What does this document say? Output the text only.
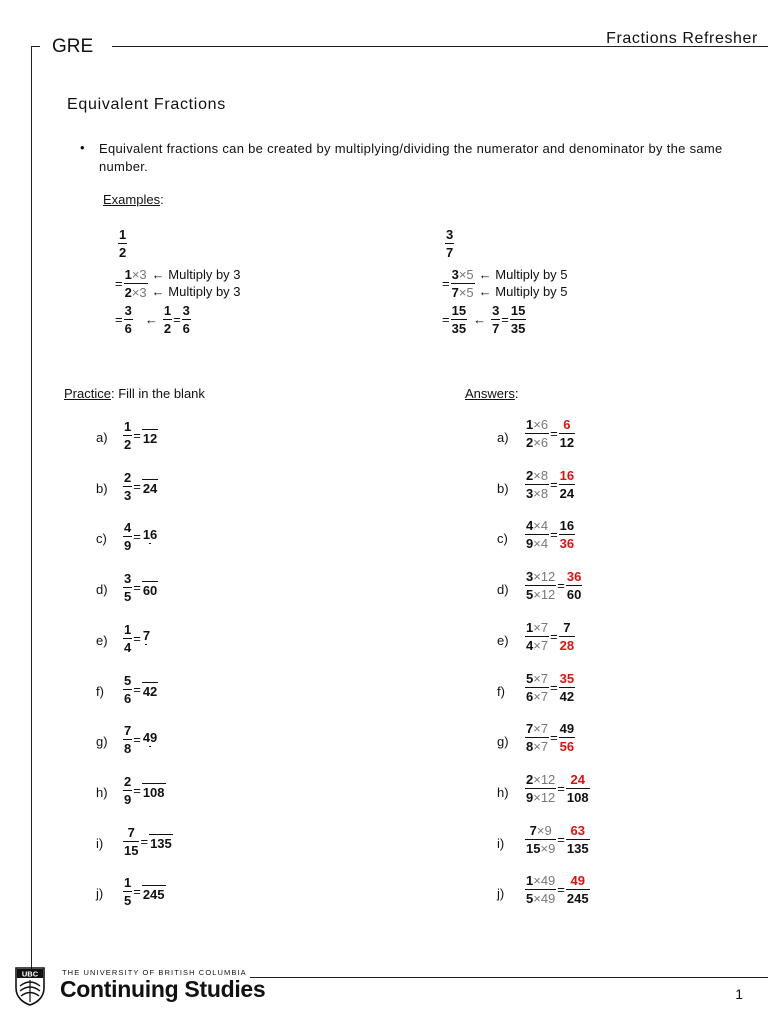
GRE	Fractions Refresher
Equivalent Fractions
• Equivalent fractions can be created by multiplying/dividing the numerator and denominator by the same number.
Examples:
$\frac{1}{2}$
= $\frac{1\times 3}{2\times 3}$ ← Multiply by 3
← Multiply by 3
= $\frac{3}{6}$ ← $\frac{1}{2} = \frac{3}{6}$
$\frac{3}{7}$
= $\frac{3\times 5}{7\times 5}$ ← Multiply by 5
← Multiply by 5
= $\frac{15}{35}$ ← $\frac{3}{7} = \frac{15}{35}$
Practice: Fill in the blank	Answers:
$a) \frac{1}{2} = 12$
$b) \frac{2}{3} = 24$
$c) \frac{4}{9} = 16$
$d) \frac{3}{5} = 60$
$e) \frac{1}{4} = 7$
$f) \frac{5}{6} = 42$
$g) \frac{7}{8} = 49$
$h) \frac{2}{9} = 108$
$i) \frac{7}{15} = 135$
$j) \frac{1}{5} = 245$
$a) \frac{1\times 6}{2\times 6} = \frac{6}{12}$
$b) \frac{2\times 8}{3\times 8} = \frac{16}{24}$
$c) \frac{4\times 4}{9\times 4} = \frac{16}{36}$
$d) \frac{3\times 12}{5\times 12} = \frac{36}{60}$
$e) \frac{1\times 7}{4\times 7} = \frac{7}{28}$
$f) \frac{5\times 7}{6\times 7} = \frac{35}{42}$
$g) \frac{7\times 7}{8\times 7} = \frac{49}{56}$
$h) \frac{2\times 12}{9\times 12} = \frac{24}{108}$
$i) \frac{7\times 9}{15\times 9} = \frac{63}{135}$
$j) \frac{1\times 49}{5\times 49} = \frac{49}{245}$
UBC	THE UNIVERSITY OF BRITISH COLUMBIA
Continuing Studies	1
